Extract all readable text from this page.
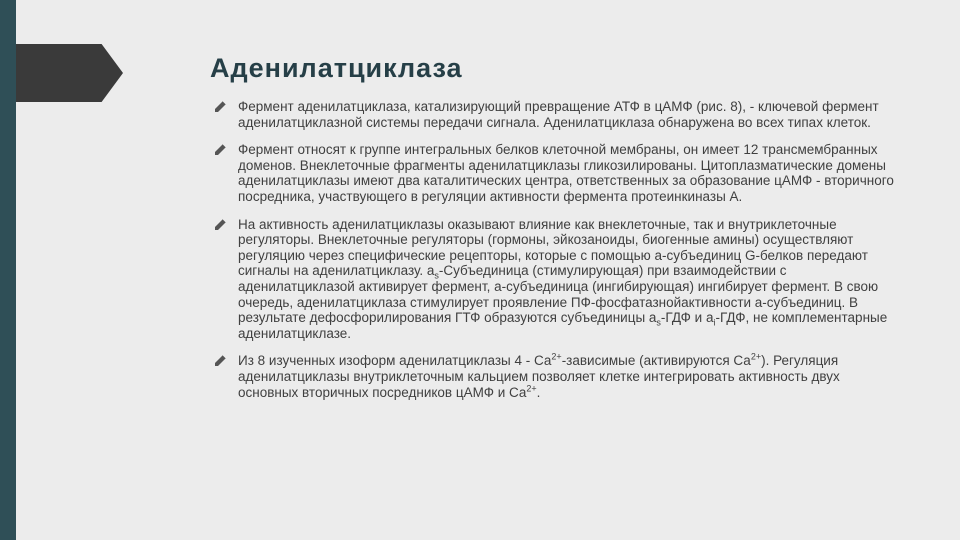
Аденилатциклаза
Фермент аденилатциклаза, катализирующий превращение АТФ в цАМФ (рис. 8), - ключевой фермент аденилатциклазной системы передачи сигнала. Аденилатциклаза обнаружена во всех типах клеток.
Фермент относят к группе интегральных белков клеточной мембраны, он имеет 12 трансмембранных доменов. Внеклеточные фрагменты аденилатциклазы гликозилированы. Цитоплазматические домены аденилатциклазы имеют два каталитических центра, ответственных за образование цАМФ - вторичного посредника, участвующего в регуляции активности фермента протеинкиназы А.
На активность аденилатциклазы оказывают влияние как внеклеточные, так и внутриклеточные регуляторы. Внеклеточные регуляторы (гормоны, эйкозаноиды, биогенные амины) осуществляют регуляцию через специфические рецепторы, которые с помощью а-субъединиц G-белков передают сигналы на аденилатциклазу. $а_s$-Субъединица (стимулирующая) при взаимодействии с аденилатциклазой активирует фермент, а-субъединица (ингибирующая) ингибирует фермент. В свою очередь, аденилатциклаза стимулирует проявление ПФ-фосфатазнойактивности а-субъединиц. В результате дефосфорилирования ГТФ образуются субъединицы $а_s$-ГДФ и $а_i$-ГДФ, не комплементарные аденилатциклазе.
Из 8 изученных изоформ аденилатциклазы $4 - Са^{2+}$-зависимые (активируются $Са^{2+}$). Регуляция аденилатциклазы внутриклеточным кальцием позволяет клетке интегрировать активность двух основных вторичных посредников цАМФ и $Са^{2+}$.
